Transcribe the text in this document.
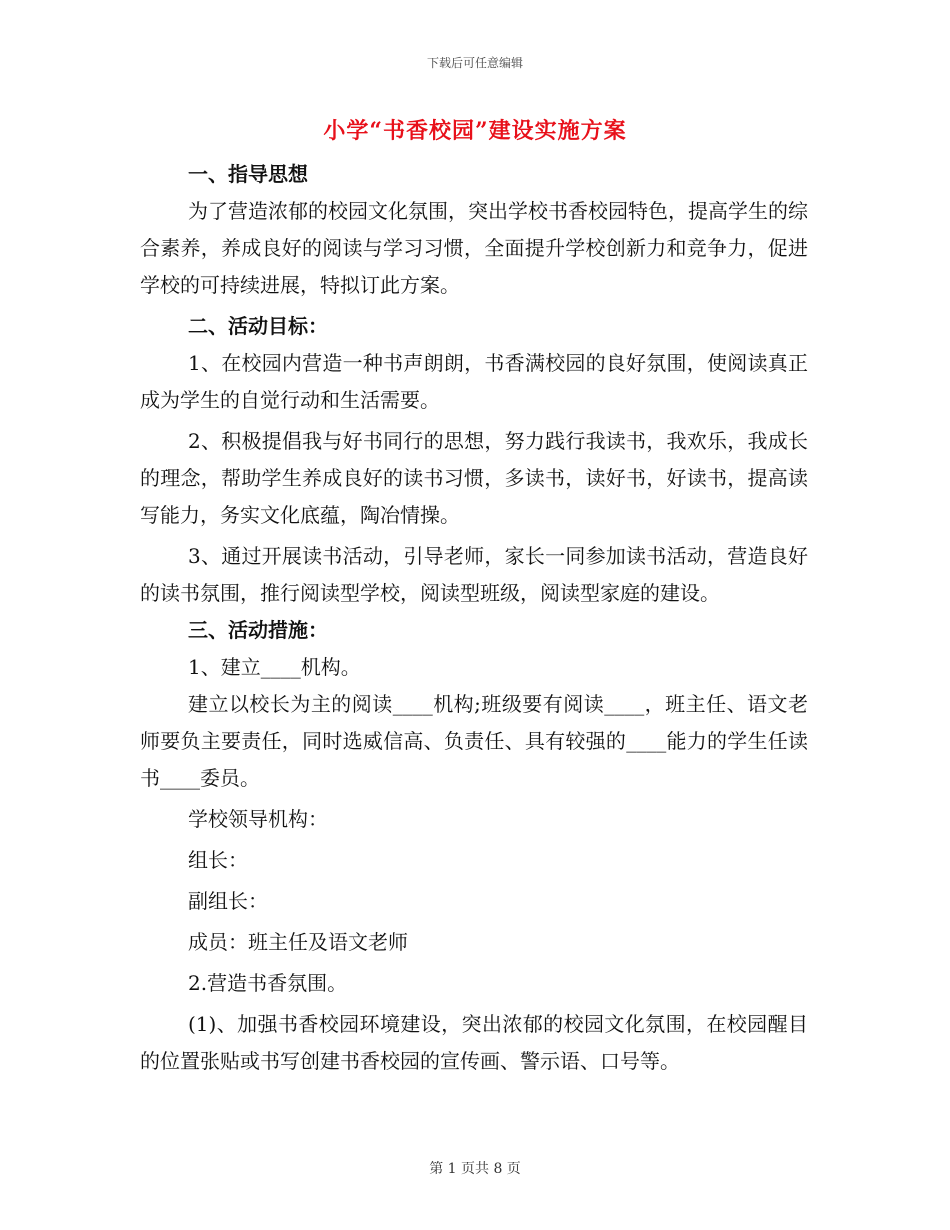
下载后可任意编辑
小学“书香校园”建设实施方案

一、指导思想

为了营造浓郁的校园文化氛围，突出学校书香校园特色，提高学生的综合素养，养成良好的阅读与学习习惯，全面提升学校创新力和竞争力，促进学校的可持续进展，特拟订此方案。

二、活动目标：

1、在校园内营造一种书声朗朗，书香满校园的良好氛围，使阅读真正成为学生的自觉行动和生活需要。

2、积极提倡我与好书同行的思想，努力践行我读书，我欢乐，我成长的理念，帮助学生养成良好的读书习惯，多读书，读好书，好读书，提高读写能力，务实文化底蕴，陶冶情操。

3、通过开展读书活动，引导老师，家长一同参加读书活动，营造良好的读书氛围，推行阅读型学校，阅读型班级，阅读型家庭的建设。

三、活动措施：

1、建立____机构。

建立以校长为主的阅读____机构;班级要有阅读____，班主任、语文老师要负主要责任，同时选威信高、负责任、具有较强的____能力的学生任读书____委员。

学校领导机构：

组长：

副组长：

成员：班主任及语文老师

2.营造书香氛围。

(1)、加强书香校园环境建设，突出浓郁的校园文化氛围，在校园醒目的位置张贴或书写创建书香校园的宣传画、警示语、口号等。

第 1 页共 8 页
